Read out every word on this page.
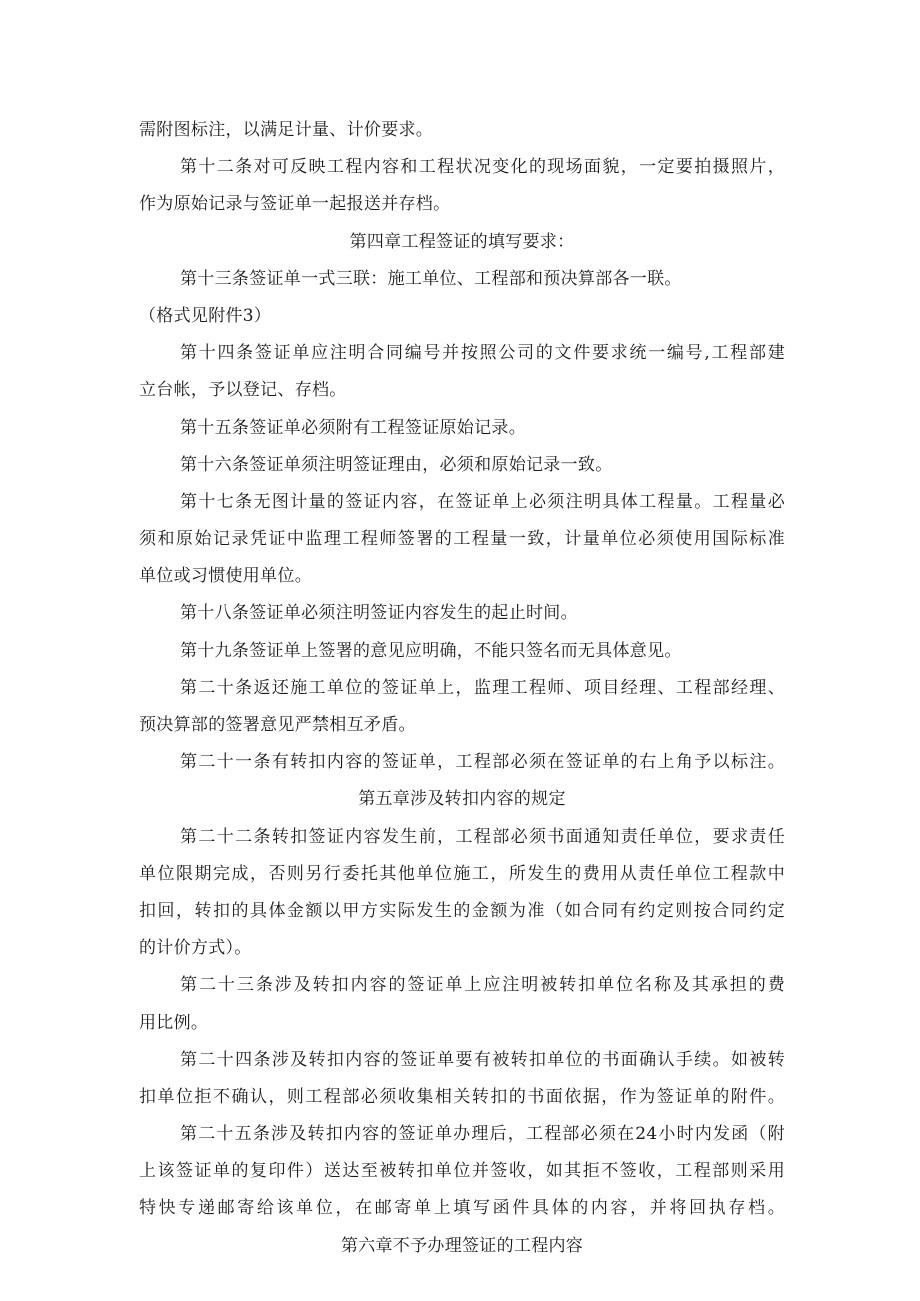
需附图标注，以满足计量、计价要求。
第十二条对可反映工程内容和工程状况变化的现场面貌，一定要拍摄照片，
作为原始记录与签证单一起报送并存档。
第四章工程签证的填写要求：
第十三条签证单一式三联：施工单位、工程部和预决算部各一联。
（格式见附件3）
第十四条签证单应注明合同编号并按照公司的文件要求统一编号,工程部建
立台帐，予以登记、存档。
第十五条签证单必须附有工程签证原始记录。
第十六条签证单须注明签证理由，必须和原始记录一致。
第十七条无图计量的签证内容，在签证单上必须注明具体工程量。工程量必
须和原始记录凭证中监理工程师签署的工程量一致，计量单位必须使用国际标准
单位或习惯使用单位。
第十八条签证单必须注明签证内容发生的起止时间。
第十九条签证单上签署的意见应明确，不能只签名而无具体意见。
第二十条返还施工单位的签证单上，监理工程师、项目经理、工程部经理、
预决算部的签署意见严禁相互矛盾。
第二十一条有转扣内容的签证单，工程部必须在签证单的右上角予以标注。
第五章涉及转扣内容的规定
第二十二条转扣签证内容发生前，工程部必须书面通知责任单位，要求责任
单位限期完成，否则另行委托其他单位施工，所发生的费用从责任单位工程款中
扣回，转扣的具体金额以甲方实际发生的金额为准（如合同有约定则按合同约定
的计价方式）。
第二十三条涉及转扣内容的签证单上应注明被转扣单位名称及其承担的费
用比例。
第二十四条涉及转扣内容的签证单要有被转扣单位的书面确认手续。如被转
扣单位拒不确认，则工程部必须收集相关转扣的书面依据，作为签证单的附件。
第二十五条涉及转扣内容的签证单办理后，工程部必须在24小时内发函（附
上该签证单的复印件）送达至被转扣单位并签收，如其拒不签收，工程部则采用
特快专递邮寄给该单位，在邮寄单上填写函件具体的内容，并将回执存档。
第六章不予办理签证的工程内容
